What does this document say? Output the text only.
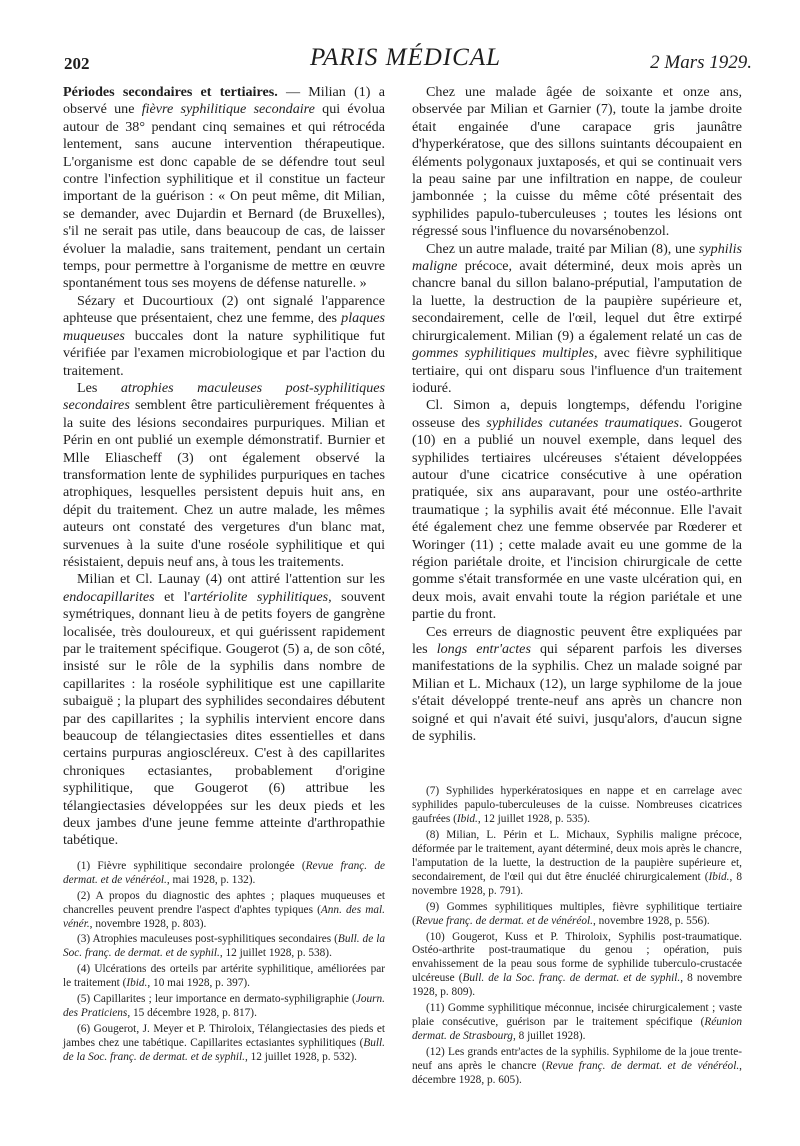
202	PARIS MÉDICAL	2 Mars 1929.

Périodes secondaires et tertiaires. — Milian (1) a observé une fièvre syphilitique secondaire qui évolua autour de 38° pendant cinq semaines et qui rétrocéda lentement, sans aucune intervention thérapeutique. L'organisme est donc capable de se défendre tout seul contre l'infection syphilitique et il constitue un facteur important de la guérison : « On peut même, dit Milian, se demander, avec Dujardin et Bernard (de Bruxelles), s'il ne serait pas utile, dans beaucoup de cas, de laisser évoluer la maladie, sans traitement, pendant un certain temps, pour permettre à l'organisme de mettre en œuvre spontanément tous ses moyens de défense naturelle. »

Sézary et Ducourtioux (2) ont signalé l'apparence aphteuse que présentaient, chez une femme, des plaques muqueuses buccales dont la nature syphilitique fut vérifiée par l'examen microbiologique et par l'action du traitement.

Les atrophies maculeuses post-syphilitiques secondaires semblent être particulièrement fréquentes à la suite des lésions secondaires purpuriques. Milian et Périn en ont publié un exemple démonstratif. Burnier et Mlle Eliascheff (3) ont également observé la transformation lente de syphilides purpuriques en taches atrophiques, lesquelles persistent depuis huit ans, en dépit du traitement. Chez un autre malade, les mêmes auteurs ont constaté des vergetures d'un blanc mat, survenues à la suite d'une roséole syphilitique et qui résistaient, depuis neuf ans, à tous les traitements.

Milian et Cl. Launay (4) ont attiré l'attention sur les endocapillarites et l'artériolite syphilitiques, souvent symétriques, donnant lieu à de petits foyers de gangrène localisée, très douloureux, et qui guérissent rapidement par le traitement spécifique. Gougerot (5) a, de son côté, insisté sur le rôle de la syphilis dans nombre de capillarites : la roséole syphilitique est une capillarite subaiguë ; la plupart des syphilides secondaires débutent par des capillarites ; la syphilis intervient encore dans beaucoup de télangiectasies dites essentielles et dans certains purpuras angioscléreux. C'est à des capillarites chroniques ectasiantes, probablement d'origine syphilitique, que Gougerot (6) attribue les télangiectasies développées sur les deux pieds et les deux jambes d'une jeune femme atteinte d'arthropathie tabétique.

(1) Fièvre syphilitique secondaire prolongée (Revue franç. de dermat. et de vénéréol., mai 1928, p. 132).

(2) A propos du diagnostic des aphtes ; plaques muqueuses et chancrelles peuvent prendre l'aspect d'aphtes typiques (Ann. des mal. vénér., novembre 1928, p. 803).

(3) Atrophies maculeuses post-syphilitiques secondaires (Bull. de la Soc. franç. de dermat. et de syphil., 12 juillet 1928, p. 538).

(4) Ulcérations des orteils par artérite syphilitique, améliorées par le traitement (Ibid., 10 mai 1928, p. 397).

(5) Capillarites ; leur importance en dermato-syphiligraphie (Journ. des Praticiens, 15 décembre 1928, p. 817).

(6) Gougerot, J. Meyer et P. Thiroloix, Télangiectasies des pieds et jambes chez une tabétique. Capillarites ectasiantes syphilitiques (Bull. de la Soc. franç. de dermat. et de syphil., 12 juillet 1928, p. 532).

Chez une malade âgée de soixante et onze ans, observée par Milian et Garnier (7), toute la jambe droite était engainée d'une carapace gris jaunâtre d'hyperkératose, que des sillons suintants découpaient en éléments polygonaux juxtaposés, et qui se continuait vers la peau saine par une infiltration en nappe, de couleur jambonnée ; la cuisse du même côté présentait des syphilides papulo-tuberculeuses ; toutes les lésions ont régressé sous l'influence du novarsénobenzol.

Chez un autre malade, traité par Milian (8), une syphilis maligne précoce, avait déterminé, deux mois après un chancre banal du sillon balano-préputial, l'amputation de la luette, la destruction de la paupière supérieure et, secondairement, celle de l'œil, lequel dut être extirpé chirurgicalement. Milian (9) a également relaté un cas de gommes syphilitiques multiples, avec fièvre syphilitique tertiaire, qui ont disparu sous l'influence d'un traitement ioduré.

Cl. Simon a, depuis longtemps, défendu l'origine osseuse des syphilides cutanées traumatiques. Gougerot (10) en a publié un nouvel exemple, dans lequel des syphilides tertiaires ulcéreuses s'étaient développées autour d'une cicatrice consécutive à une opération pratiquée, six ans auparavant, pour une ostéo-arthrite traumatique ; la syphilis avait été méconnue. Elle l'avait été également chez une femme observée par Rœderer et Woringer (11) ; cette malade avait eu une gomme de la région pariétale droite, et l'incision chirurgicale de cette gomme s'était transformée en une vaste ulcération qui, en deux mois, avait envahi toute la région pariétale et une partie du front.

Ces erreurs de diagnostic peuvent être expliquées par les longs entr'actes qui séparent parfois les diverses manifestations de la syphilis. Chez un malade soigné par Milian et L. Michaux (12), un large syphilome de la joue s'était développé trente-neuf ans après un chancre non soigné et qui n'avait été suivi, jusqu'alors, d'aucun signe de syphilis.

(7) Syphilides hyperkératosiques en nappe et en carrelage avec syphilides papulo-tuberculeuses de la cuisse. Nombreuses cicatrices gaufrées (Ibid., 12 juillet 1928, p. 535).

(8) Milian, L. Périn et L. Michaux, Syphilis maligne précoce, déformée par le traitement, ayant déterminé, deux mois après le chancre, l'amputation de la luette, la destruction de la paupière supérieure et, secondairement, de l'œil qui dut être énucléé chirurgicalement (Ibid., 8 novembre 1928, p. 791).

(9) Gommes syphilitiques multiples, fièvre syphilitique tertiaire (Revue franç. de dermat. et de vénéréol., novembre 1928, p. 556).

(10) Gougerot, Kuss et P. Thiroloix, Syphilis post-traumatique. Ostéo-arthrite post-traumatique du genou ; opération, puis envahissement de la peau sous forme de syphilide tuberculo-crustacée ulcéreuse (Bull. de la Soc. franç. de dermat. et de syphil., 8 novembre 1928, p. 809).

(11) Gomme syphilitique méconnue, incisée chirurgicalement ; vaste plaie consécutive, guérison par le traitement spécifique (Réunion dermat. de Strasbourg, 8 juillet 1928).

(12) Les grands entr'actes de la syphilis. Syphilome de la joue trente-neuf ans après le chancre (Revue franç. de dermat. et de vénéréol., décembre 1928, p. 605).
